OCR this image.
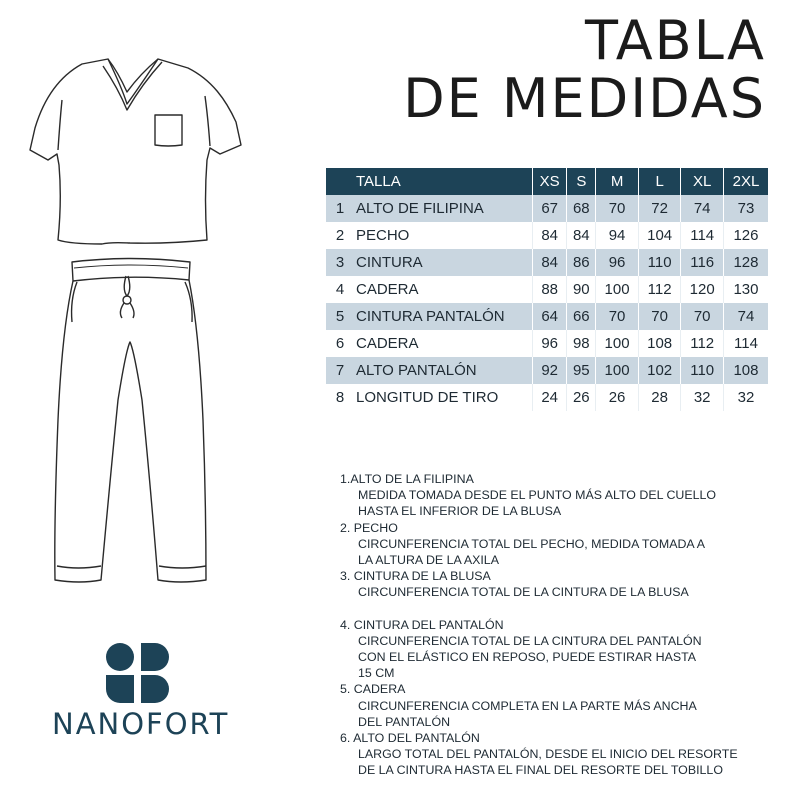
TABLA
DE MEDIDAS
	TALLA	XS	S	M	L	XL	2XL
1	ALTO DE FILIPINA	67	68	70	72	74	73
2	PECHO	84	84	94	104	114	126
3	CINTURA	84	86	96	110	116	128
4	CADERA	88	90	100	112	120	130
5	CINTURA PANTALÓN	64	66	70	70	70	74
6	CADERA	96	98	100	108	112	114
7	ALTO PANTALÓN	92	95	100	102	110	108
8	LONGITUD DE TIRO	24	26	26	28	32	32
1.ALTO DE LA FILIPINA
MEDIDA TOMADA DESDE EL PUNTO MÁS ALTO DEL CUELLO
HASTA EL INFERIOR DE LA BLUSA
2. PECHO
CIRCUNFERENCIA TOTAL DEL PECHO, MEDIDA TOMADA A
LA ALTURA DE LA AXILA
3. CINTURA DE LA BLUSA
CIRCUNFERENCIA TOTAL DE LA CINTURA DE LA BLUSA
4. CINTURA DEL PANTALÓN
CIRCUNFERENCIA TOTAL DE LA CINTURA DEL PANTALÓN
CON EL ELÁSTICO EN REPOSO, PUEDE ESTIRAR HASTA
15 CM
5. CADERA
CIRCUNFERENCIA COMPLETA EN LA PARTE MÁS ANCHA
DEL PANTALÓN
6. ALTO DEL PANTALÓN
LARGO TOTAL DEL PANTALÓN, DESDE EL INICIO DEL RESORTE
DE LA CINTURA HASTA EL FINAL DEL RESORTE DEL TOBILLO
NANOFORT
